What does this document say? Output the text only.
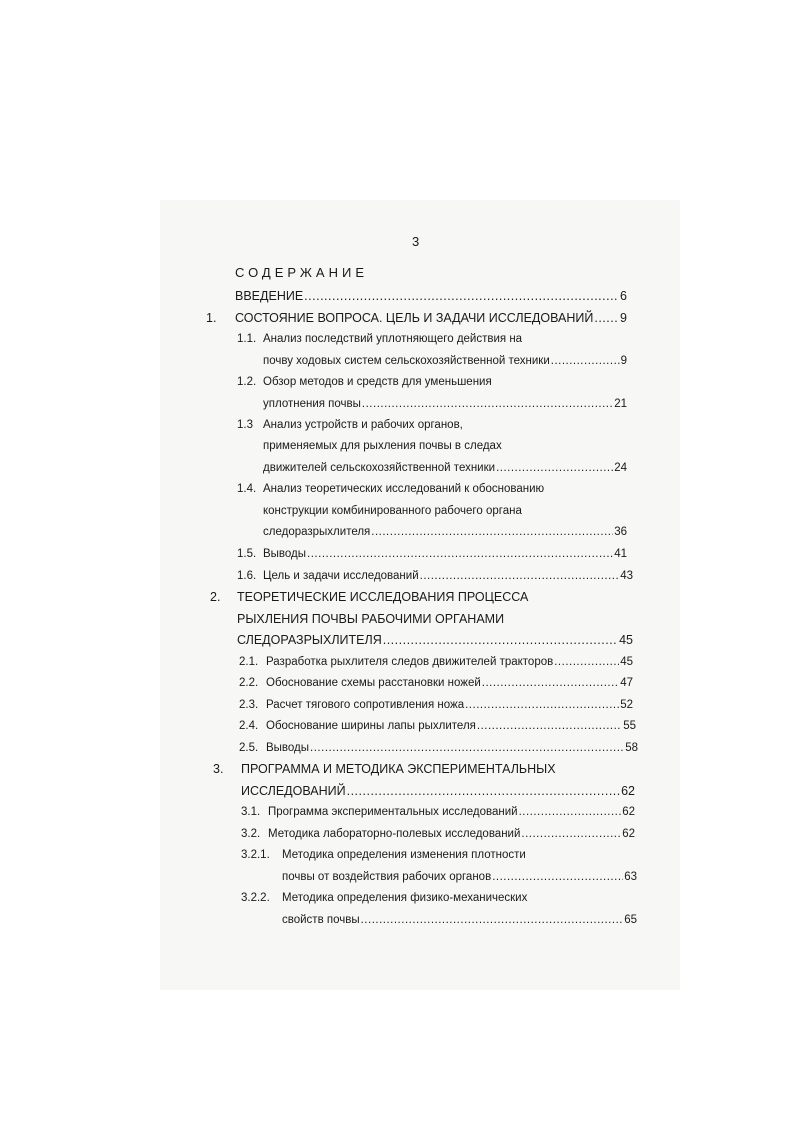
3
СОДЕРЖАНИЕ
ВВЕДЕНИЕ .....	6
1. СОСТОЯНИЕ ВОПРОСА. ЦЕЛЬ И ЗАДАЧИ ИССЛЕДОВАНИЙ ..... 9
1.1. Анализ последствий уплотняющего действия на
почву ходовых систем сельскохозяйственной техники .....	9
1.2. Обзор методов и средств для уменьшения
уплотнения почвы .....	21
1.3 Анализ устройств и рабочих органов,
применяемых для рыхления почвы в следах
движителей сельскохозяйственной техники .....	24
1.4. Анализ теоретических исследований к обоснованию
конструкции комбинированного рабочего органа
следоразрыхлителя .....	36
1.5. Выводы .....	41
1.6. Цель и задачи исследований .....	43
2. ТЕОРЕТИЧЕСКИЕ ИССЛЕДОВАНИЯ ПРОЦЕССА
РЫХЛЕНИЯ ПОЧВЫ РАБОЧИМИ ОРГАНАМИ
СЛЕДОРАЗРЫХЛИТЕЛЯ .....	45
2.1. Разработка рыхлителя следов движителей тракторов .....	45
2.2. Обоснование схемы расстановки ножей .....	47
2.3. Расчет тягового сопротивления ножа .....	52
2.4. Обоснование ширины лапы рыхлителя .....	55
2.5. Выводы .....	58
3. ПРОГРАММА И МЕТОДИКА ЭКСПЕРИМЕНТАЛЬНЫХ
ИССЛЕДОВАНИЙ .....	62
3.1. Программа экспериментальных исследований .....	62
3.2. Методика лабораторно-полевых исследований .....	62
3.2.1. Методика определения изменения плотности
почвы от воздействия рабочих органов .....	63
3.2.2. Методика определения физико-механических
свойств почвы .....	65
